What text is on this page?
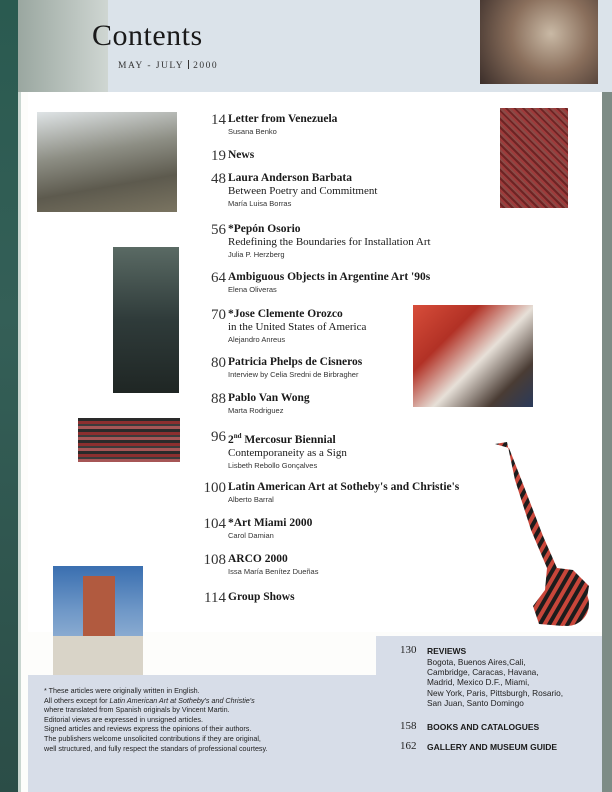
Contents
MAY - JULY 2000
14 Letter from Venezuela
Susana Benko
19 News
48 Laura Anderson Barbata
Between Poetry and Commitment
María Luisa Borras
56 *Pepón Osorio
Redefining the Boundaries for Installation Art
Julia P. Herzberg
64 Ambiguous Objects in Argentine Art '90s
Elena Oliveras
70 *Jose Clemente Orozco
in the United States of America
Alejandro Anreus
80 Patricia Phelps de Cisneros
Interview by Celia Sredni de Birbragher
88 Pablo Van Wong
Marta Rodriguez
96 2nd Mercosur Biennial
Contemporaneity as a Sign
Lisbeth Rebollo Gonçalves
100 Latin American Art at Sotheby's and Christie's
Alberto Barral
104 *Art Miami 2000
Carol Damian
108 ARCO 2000
Issa María Benítez Dueñas
114 Group Shows
* These articles were originally written in English.
All others except for Latin American Art at Sotheby's and Christie's
where translated from Spanish originals by Vincent Martin.
Editorial views are expressed in unsigned articles.
Signed articles and reviews express the opinions of their authors.
The publishers welcome unsolicited contributions if they are original,
well structured, and fully respect the standars of professional courtesy.
130 REVIEWS
Bogota, Buenos Aires,Cali,
Cambridge, Caracas, Havana,
Madrid, Mexico D.F., Miami,
New York, Paris, Pittsburgh, Rosario,
San Juan, Santo Domingo
158 BOOKS AND CATALOGUES
162 GALLERY AND MUSEUM GUIDE
